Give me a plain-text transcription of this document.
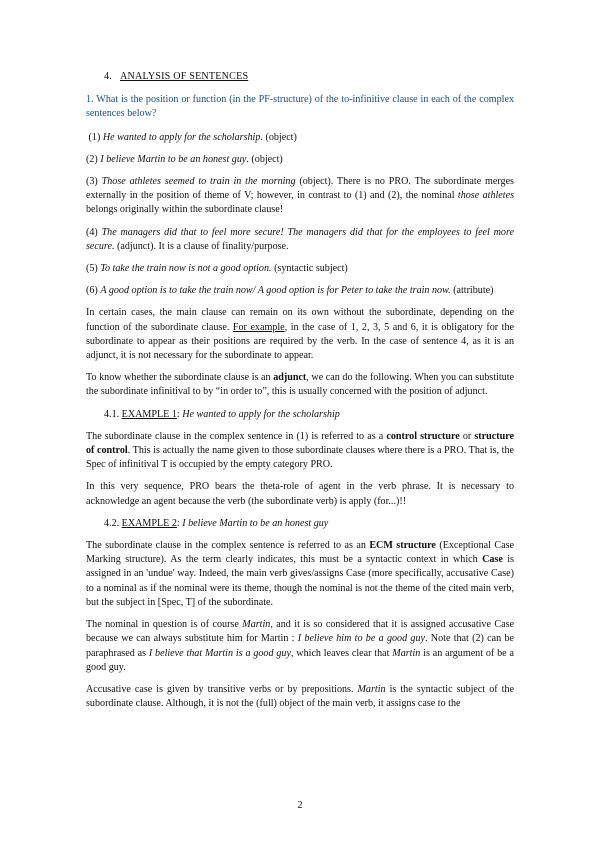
4. ANALYSIS OF SENTENCES

1. What is the position or function (in the PF-structure) of the to-infinitive clause in each of the complex sentences below?

(1) He wanted to apply for the scholarship. (object)

(2) I believe Martin to be an honest guy. (object)

(3) Those athletes seemed to train in the morning (object). There is no PRO. The subordinate merges externally in the position of theme of V; however, in contrast to (1) and (2), the nominal those athletes belongs originally within the subordinate clause!

(4) The managers did that to feel more secure! The managers did that for the employees to feel more secure. (adjunct). It is a clause of finality/purpose.

(5) To take the train now is not a good option. (syntactic subject)

(6) A good option is to take the train now/ A good option is for Peter to take the train now. (attribute)

In certain cases, the main clause can remain on its own without the subordinate, depending on the function of the subordinate clause. For example, in the case of 1, 2, 3, 5 and 6, it is obligatory for the subordinate to appear as their positions are required by the verb. In the case of sentence 4, as it is an adjunct, it is not necessary for the subordinate to appear.

To know whether the subordinate clause is an adjunct, we can do the following. When you can substitute the subordinate infinitival to by “in order to”, this is usually concerned with the position of adjunct.

4.1. EXAMPLE 1: He wanted to apply for the scholarship

The subordinate clause in the complex sentence in (1) is referred to as a control structure or structure of control. This is actually the name given to those subordinate clauses where there is a PRO. That is, the Spec of infinitival T is occupied by the empty category PRO.

In this very sequence, PRO bears the theta-role of agent in the verb phrase. It is necessary to acknowledge an agent because the verb (the subordinate verb) is apply (for...)!!

4.2. EXAMPLE 2: I believe Martin to be an honest guy

The subordinate clause in the complex sentence is referred to as an ECM structure (Exceptional Case Marking structure). As the term clearly indicates, this must be a syntactic context in which Case is assigned in an 'undue' way. Indeed, the main verb gives/assigns Case (more specifically, accusative Case) to a nominal as if the nominal were its theme, though the nominal is not the theme of the cited main verb, but the subject in [Spec, T] of the subordinate.

The nominal in question is of course Martin, and it is so considered that it is assigned accusative Case because we can always substitute him for Martin : I believe him to be a good guy. Note that (2) can be paraphrased as I believe that Martin is a good guy, which leaves clear that Martin is an argument of be a good guy.

Accusative case is given by transitive verbs or by prepositions. Martin is the syntactic subject of the subordinate clause. Although, it is not the (full) object of the main verb, it assigns case to the

2
